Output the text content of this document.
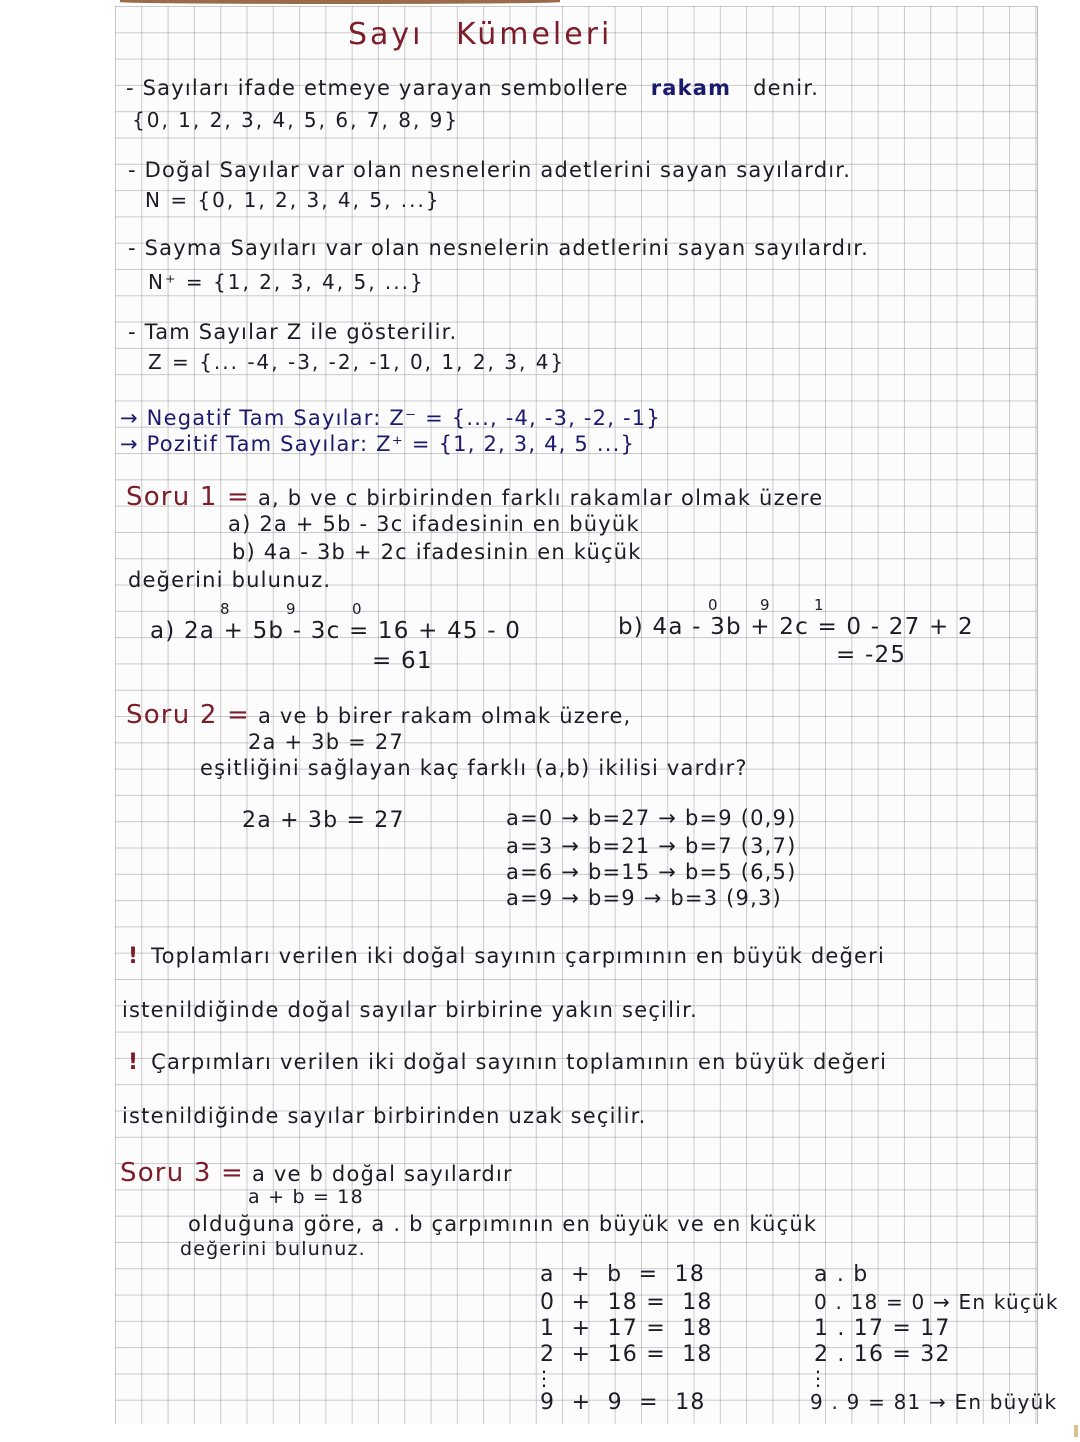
Sayı Kümeleri
- Sayıları ifade etmeye yarayan sembollere rakam denir.
{0, 1, 2, 3, 4, 5, 6, 7, 8, 9}
- Doğal Sayılar var olan nesnelerin adetlerini sayan sayılardır.
N = {0, 1, 2, 3, 4, 5, ...}
- Sayma Sayıları var olan nesnelerin adetlerini sayan sayılardır.
N⁺ = {1, 2, 3, 4, 5, ...}
- Tam Sayılar Z ile gösterilir.
Z = {... -4, -3, -2, -1, 0, 1, 2, 3, 4}
→ Negatif Tam Sayılar: Z⁻ = {..., -4, -3, -2, -1}
→ Pozitif Tam Sayılar: Z⁺ = {1, 2, 3, 4, 5 ...}
Soru 1 = a, b ve c birbirinden farklı rakamlar olmak üzere
a) 2a + 5b - 3c ifadesinin en büyük
b) 4a - 3b + 2c ifadesinin en küçük
değerini bulunuz.
8	9	0
a) 2a + 5b - 3c = 16 + 45 - 0
= 61
0	9	1
b) 4a - 3b + 2c = 0 - 27 + 2
= -25
Soru 2 = a ve b birer rakam olmak üzere,
2a + 3b = 27
eşitliğini sağlayan kaç farklı (a,b) ikilisi vardır?
2a + 3b = 27	a=0 → b=27 → b=9 (0,9)
a=3 → b=21 → b=7 (3,7)
a=6 → b=15 → b=5 (6,5)
a=9 → b=9 → b=3 (9,3)
! Toplamları verilen iki doğal sayının çarpımının en büyük değeri
istenildiğinde doğal sayılar birbirine yakın seçilir.
! Çarpımları verilen iki doğal sayının toplamının en büyük değeri
istenildiğinde sayılar birbirinden uzak seçilir.
Soru 3 = a ve b doğal sayılardır
a + b = 18
olduğuna göre, a . b çarpımının en büyük ve en küçük
değerini bulunuz.
a  +  b  =  18
0  +  18 =  18
1  +  17 =  18
2  +  16 =  18
⋮
9  +  9  =  18
a . b
0 . 18 = 0 → En küçük
1 . 17 = 17
2 . 16 = 32
⋮
9 . 9 = 81 → En büyük
